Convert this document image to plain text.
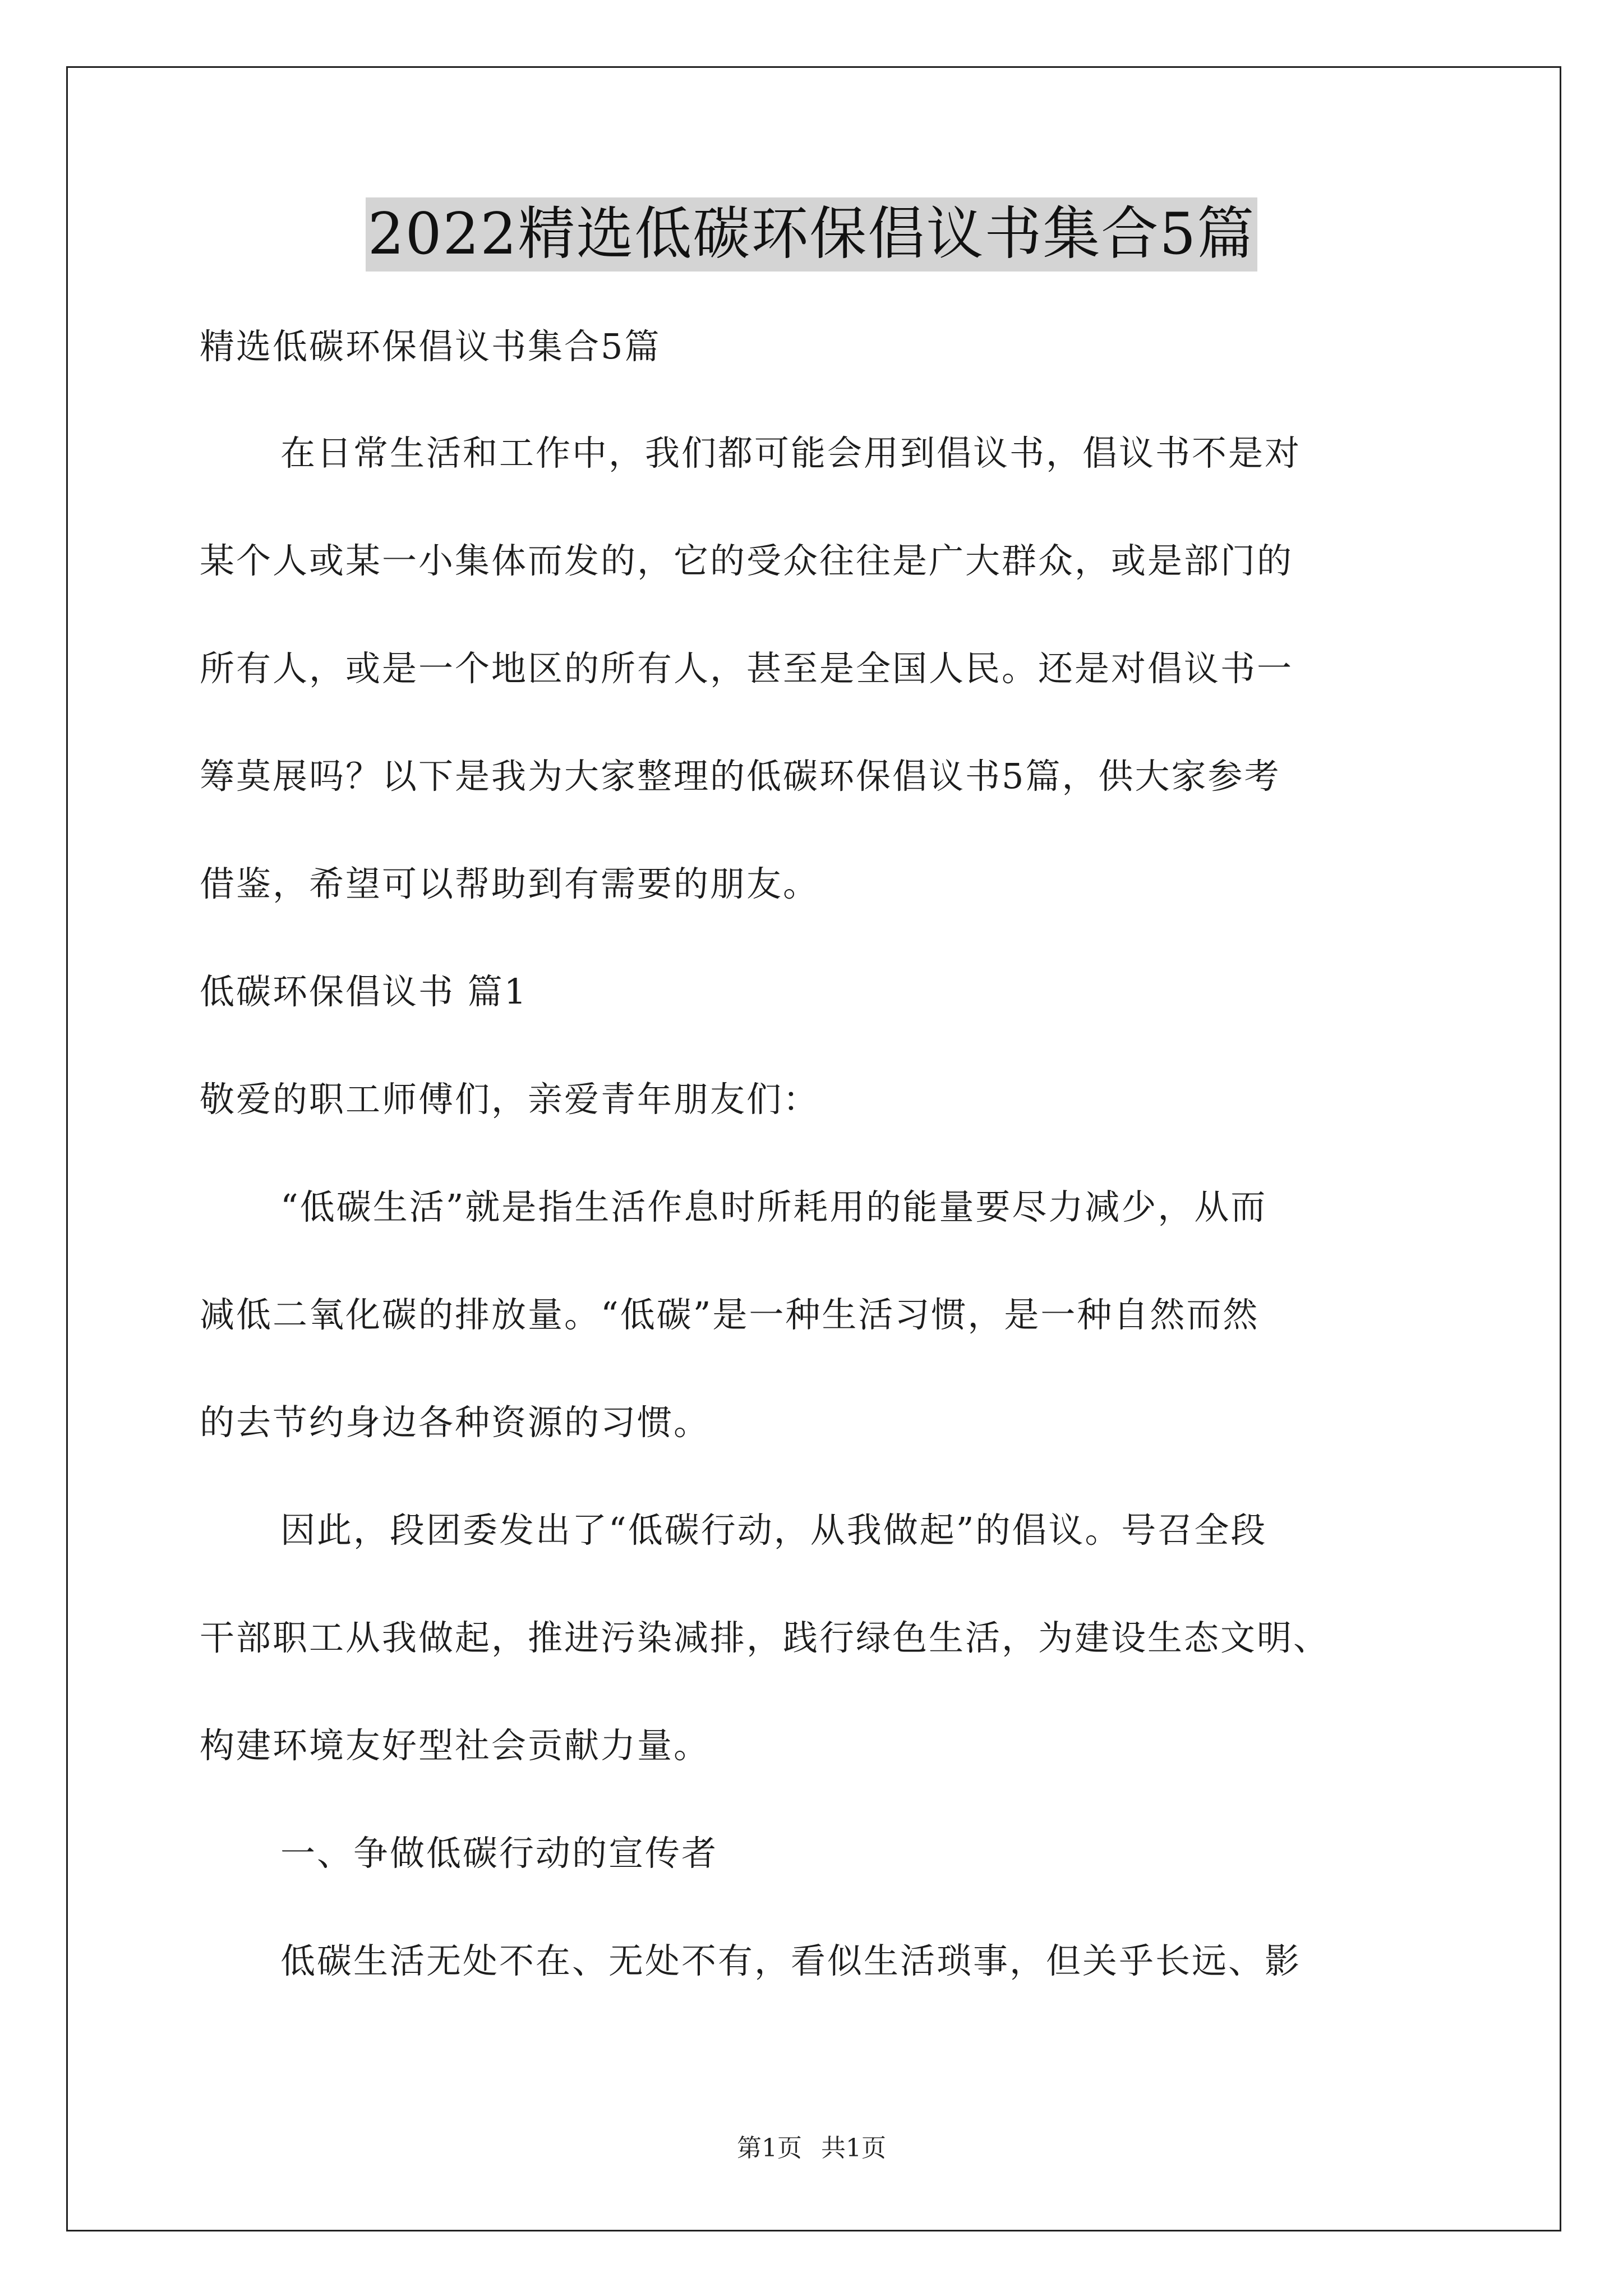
2022精选低碳环保倡议书集合5篇
精选低碳环保倡议书集合5篇
在日常生活和工作中，我们都可能会用到倡议书，倡议书不是对
某个人或某一小集体而发的，它的受众往往是广大群众，或是部门的
所有人，或是一个地区的所有人，甚至是全国人民。还是对倡议书一
筹莫展吗？以下是我为大家整理的低碳环保倡议书5篇，供大家参考
借鉴，希望可以帮助到有需要的朋友。
低碳环保倡议书 篇1
敬爱的职工师傅们，亲爱青年朋友们：
“低碳生活”就是指生活作息时所耗用的能量要尽力减少，从而
减低二氧化碳的排放量。“低碳”是一种生活习惯，是一种自然而然
的去节约身边各种资源的习惯。
因此，段团委发出了“低碳行动，从我做起”的倡议。号召全段
干部职工从我做起，推进污染减排，践行绿色生活，为建设生态文明、
构建环境友好型社会贡献力量。
一、争做低碳行动的宣传者
低碳生活无处不在、无处不有，看似生活琐事，但关乎长远、影
第1页 共1页
